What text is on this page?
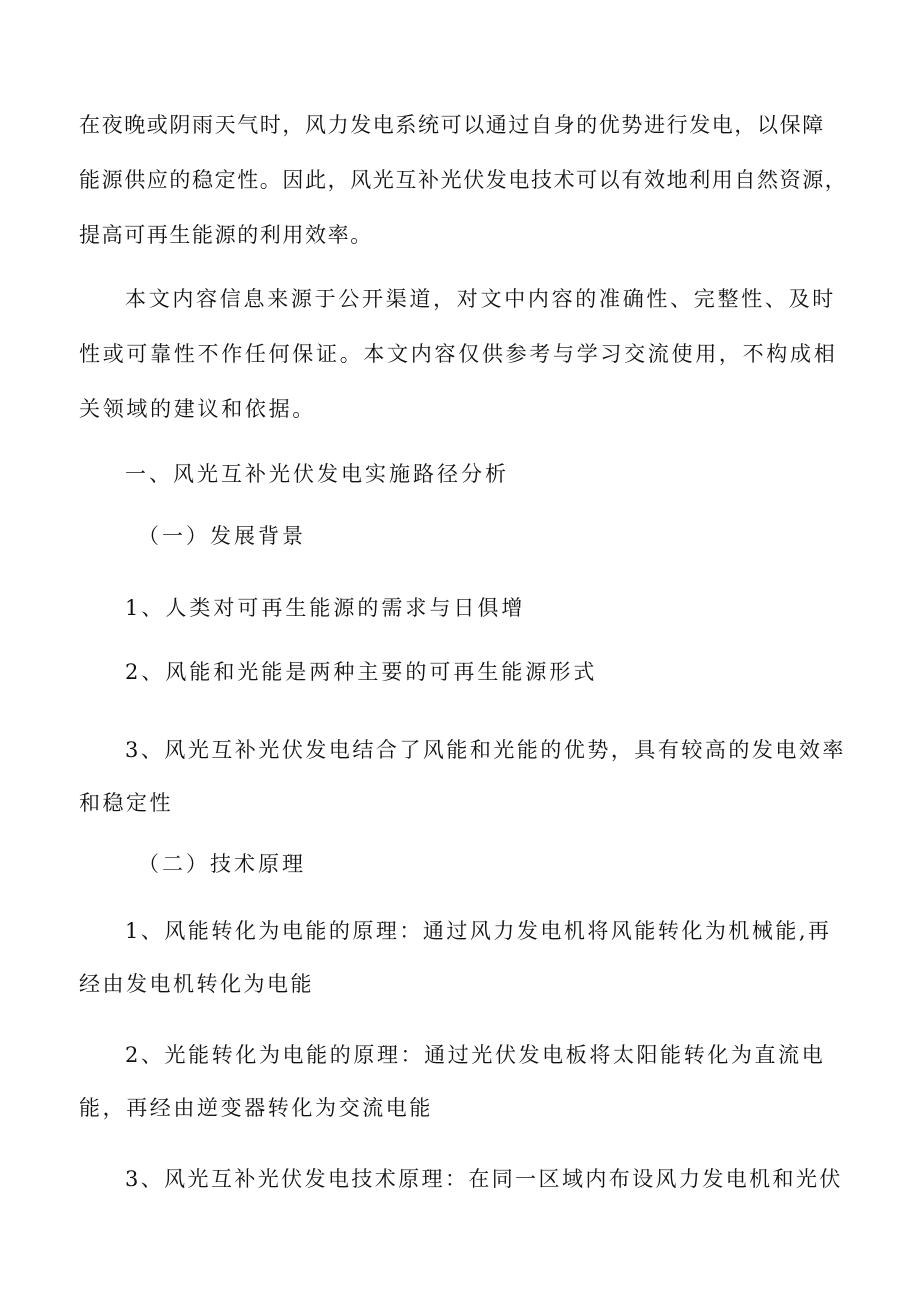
在夜晚或阴雨天气时，风力发电系统可以通过自身的优势进行发电，以保障
能源供应的稳定性。因此，风光互补光伏发电技术可以有效地利用自然资源，
提高可再生能源的利用效率。
本文内容信息来源于公开渠道，对文中内容的准确性、完整性、及时
性或可靠性不作任何保证。本文内容仅供参考与学习交流使用，不构成相
关领域的建议和依据。
一、风光互补光伏发电实施路径分析
（一）发展背景
1、人类对可再生能源的需求与日俱增
2、风能和光能是两种主要的可再生能源形式
3、风光互补光伏发电结合了风能和光能的优势，具有较高的发电效率
和稳定性
（二）技术原理
1、风能转化为电能的原理：通过风力发电机将风能转化为机械能,再
经由发电机转化为电能
2、光能转化为电能的原理：通过光伏发电板将太阳能转化为直流电
能，再经由逆变器转化为交流电能
3、风光互补光伏发电技术原理：在同一区域内布设风力发电机和光伏
